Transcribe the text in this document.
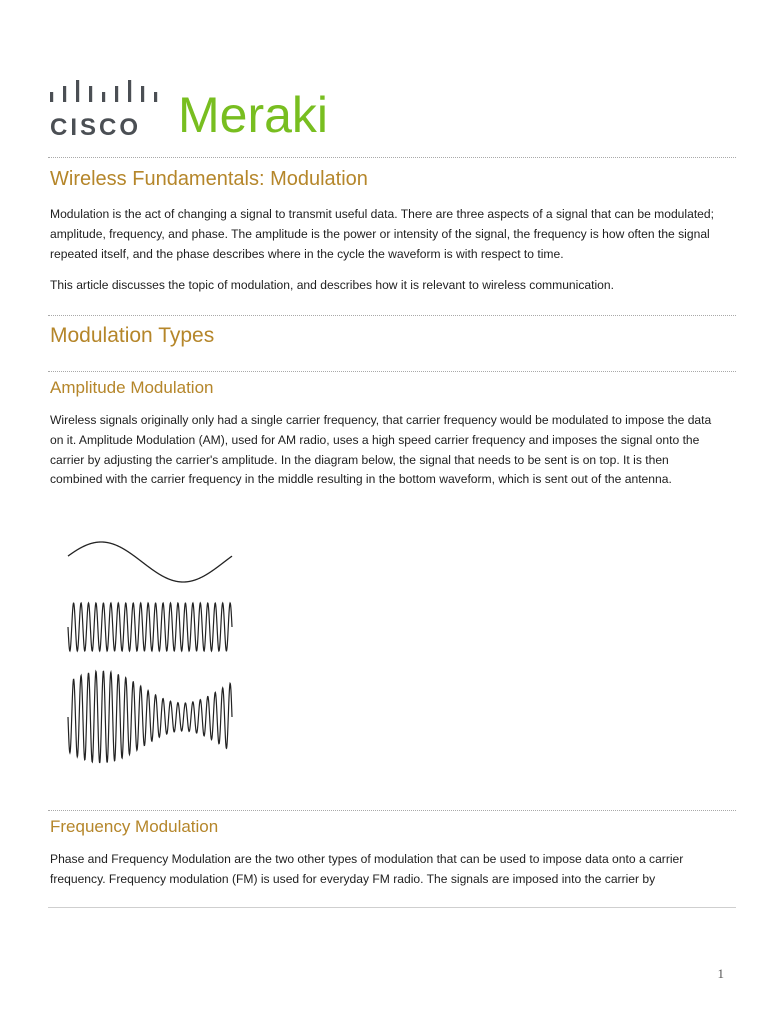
CISCO Meraki
Wireless Fundamentals: Modulation

Modulation is the act of changing a signal to transmit useful data. There are three aspects of a signal that can be modulated; amplitude, frequency, and phase. The amplitude is the power or intensity of the signal, the frequency is how often the signal repeated itself, and the phase describes where in the cycle the waveform is with respect to time.

This article discusses the topic of modulation, and describes how it is relevant to wireless communication.

Modulation Types
Amplitude Modulation

Wireless signals originally only had a single carrier frequency, that carrier frequency would be modulated to impose the data on it. Amplitude Modulation (AM), used for AM radio, uses a high speed carrier frequency and imposes the signal onto the carrier by adjusting the carrier's amplitude. In the diagram below, the signal that needs to be sent is on top. It is then combined with the carrier frequency in the middle resulting in the bottom waveform, which is sent out of the antenna.

Frequency Modulation

Phase and Frequency Modulation are the two other types of modulation that can be used to impose data onto a carrier frequency. Frequency modulation (FM) is used for everyday FM radio. The signals are imposed into the carrier by

1
